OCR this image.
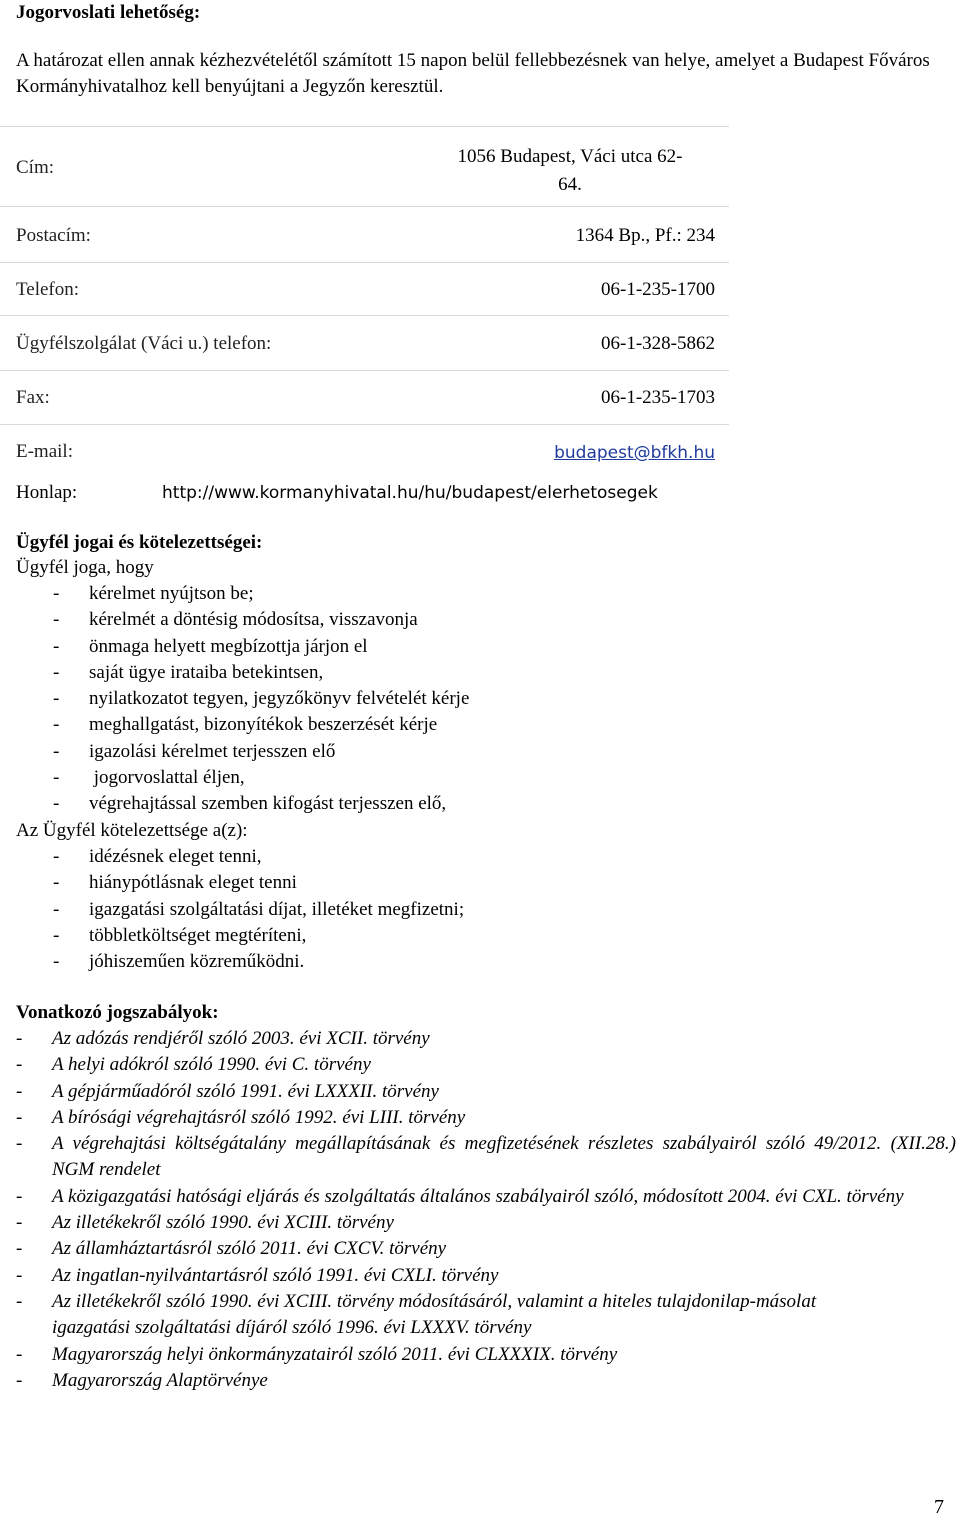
Jogorvoslati lehetőség:

A határozat ellen annak kézhezvételétől számított 15 napon belül fellebbezésnek van helye, amelyet a Budapest Főváros Kormányhivatalhoz kell benyújtani a Jegyzőn keresztül.

Cím:
1056 Budapest, Váci utca 62-
64.
Postacím:	1364 Bp., Pf.: 234
Telefon:	06-1-235-1700
Ügyfélszolgálat (Váci u.) telefon:	06-1-328-5862
Fax:	06-1-235-1703
E-mail:	budapest@bfkh.hu
Honlap:	http://www.kormanyhivatal.hu/hu/budapest/elerhetosegek
Ügyfél jogai és kötelezettségei:

Ügyfél joga, hogy

- kérelmet nyújtson be;
- kérelmét a döntésig módosítsa, visszavonja
- önmaga helyett megbízottja járjon el
- saját ügye irataiba betekintsen,
- nyilatkozatot tegyen, jegyzőkönyv felvételét kérje
- meghallgatást, bizonyítékok beszerzését kérje
- igazolási kérelmet terjesszen elő
- jogorvoslattal éljen,
- végrehajtással szemben kifogást terjesszen elő,

Az Ügyfél kötelezettsége a(z):

- idézésnek eleget tenni,
- hiánypótlásnak eleget tenni
- igazgatási szolgáltatási díjat, illetéket megfizetni;
- többletköltséget megtéríteni,
- jóhiszeműen közreműködni.
Vonatkozó jogszabályok:
- Az adózás rendjéről szóló 2003. évi XCII. törvény
- A helyi adókról szóló 1990. évi C. törvény
- A gépjárműadóról szóló 1991. évi LXXXII. törvény
- A bírósági végrehajtásról szóló 1992. évi LIII. törvény
- A végrehajtási költségátalány megállapításának és megfizetésének részletes szabályairól szóló 49/2012. (XII.28.) NGM rendelet
- A közigazgatási hatósági eljárás és szolgáltatás általános szabályairól szóló, módosított 2004. évi CXL. törvény
- Az illetékekről szóló 1990. évi XCIII. törvény
- Az államháztartásról szóló 2011. évi CXCV. törvény
- Az ingatlan-nyilvántartásról szóló 1991. évi CXLI. törvény
- Az illetékekről szóló 1990. évi XCIII. törvény módosításáról, valamint a hiteles tulajdonilap-másolat igazgatási szolgáltatási díjáról szóló 1996. évi LXXXV. törvény
- Magyarország helyi önkormányzatairól szóló 2011. évi CLXXXIX. törvény
- Magyarország Alaptörvénye
7
